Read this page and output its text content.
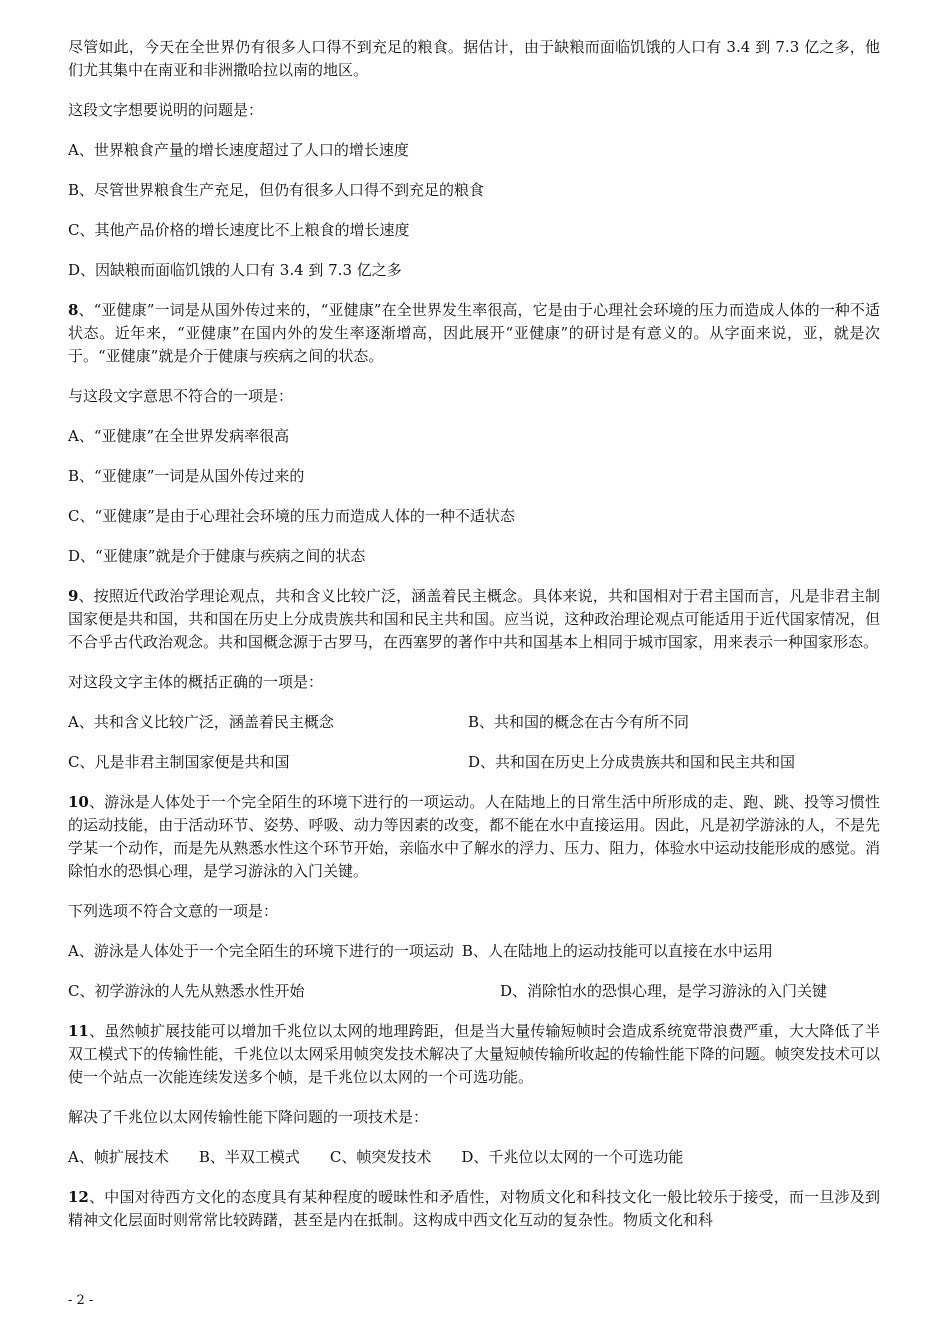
尽管如此，今天在全世界仍有很多人口得不到充足的粮食。据估计，由于缺粮而面临饥饿的人口有 3.4 到 7.3 亿之多，他们尤其集中在南亚和非洲撒哈拉以南的地区。

这段文字想要说明的问题是：

A、世界粮食产量的增长速度超过了人口的增长速度

B、尽管世界粮食生产充足，但仍有很多人口得不到充足的粮食

C、其他产品价格的增长速度比不上粮食的增长速度

D、因缺粮而面临饥饿的人口有 3.4 到 7.3 亿之多

8、“亚健康”一词是从国外传过来的，“亚健康”在全世界发生率很高，它是由于心理社会环境的压力而造成人体的一种不适状态。近年来，“亚健康”在国内外的发生率逐渐增高，因此展开“亚健康”的研讨是有意义的。从字面来说，亚，就是次于。“亚健康”就是介于健康与疾病之间的状态。

与这段文字意思不符合的一项是：

A、“亚健康”在全世界发病率很高

B、“亚健康”一词是从国外传过来的

C、“亚健康”是由于心理社会环境的压力而造成人体的一种不适状态

D、“亚健康”就是介于健康与疾病之间的状态

9、按照近代政治学理论观点，共和含义比较广泛，涵盖着民主概念。具体来说，共和国相对于君主国而言，凡是非君主制国家便是共和国，共和国在历史上分成贵族共和国和民主共和国。应当说，这种政治理论观点可能适用于近代国家情况，但不合乎古代政治观念。共和国概念源于古罗马，在西塞罗的著作中共和国基本上相同于城市国家，用来表示一种国家形态。

对这段文字主体的概括正确的一项是：

A、共和含义比较广泛，涵盖着民主概念	B、共和国的概念在古今有所不同
C、凡是非君主制国家便是共和国	D、共和国在历史上分成贵族共和国和民主共和国

10、游泳是人体处于一个完全陌生的环境下进行的一项运动。人在陆地上的日常生活中所形成的走、跑、跳、投等习惯性的运动技能，由于活动环节、姿势、呼吸、动力等因素的改变，都不能在水中直接运用。因此，凡是初学游泳的人，不是先学某一个动作，而是先从熟悉水性这个环节开始，亲临水中了解水的浮力、压力、阻力，体验水中运动技能形成的感觉。消除怕水的恐惧心理，是学习游泳的入门关键。

下列选项不符合文意的一项是：

A、游泳是人体处于一个完全陌生的环境下进行的一项运动 B、人在陆地上的运动技能可以直接在水中运用
C、初学游泳的人先从熟悉水性开始	D、消除怕水的恐惧心理，是学习游泳的入门关键

11、虽然帧扩展技能可以增加千兆位以太网的地理跨距，但是当大量传输短帧时会造成系统宽带浪费严重，大大降低了半双工模式下的传输性能，千兆位以太网采用帧突发技术解决了大量短帧传输所收起的传输性能下降的问题。帧突发技术可以使一个站点一次能连续发送多个帧，是千兆位以太网的一个可选功能。

解决了千兆位以太网传输性能下降问题的一项技术是：

A、帧扩展技术 B、半双工模式 C、帧突发技术 D、千兆位以太网的一个可选功能

12、中国对待西方文化的态度具有某种程度的暧昧性和矛盾性，对物质文化和科技文化一般比较乐于接受，而一旦涉及到精神文化层面时则常常比较踌躇，甚至是内在抵制。这构成中西文化互动的复杂性。物质文化和科

- 2 -
